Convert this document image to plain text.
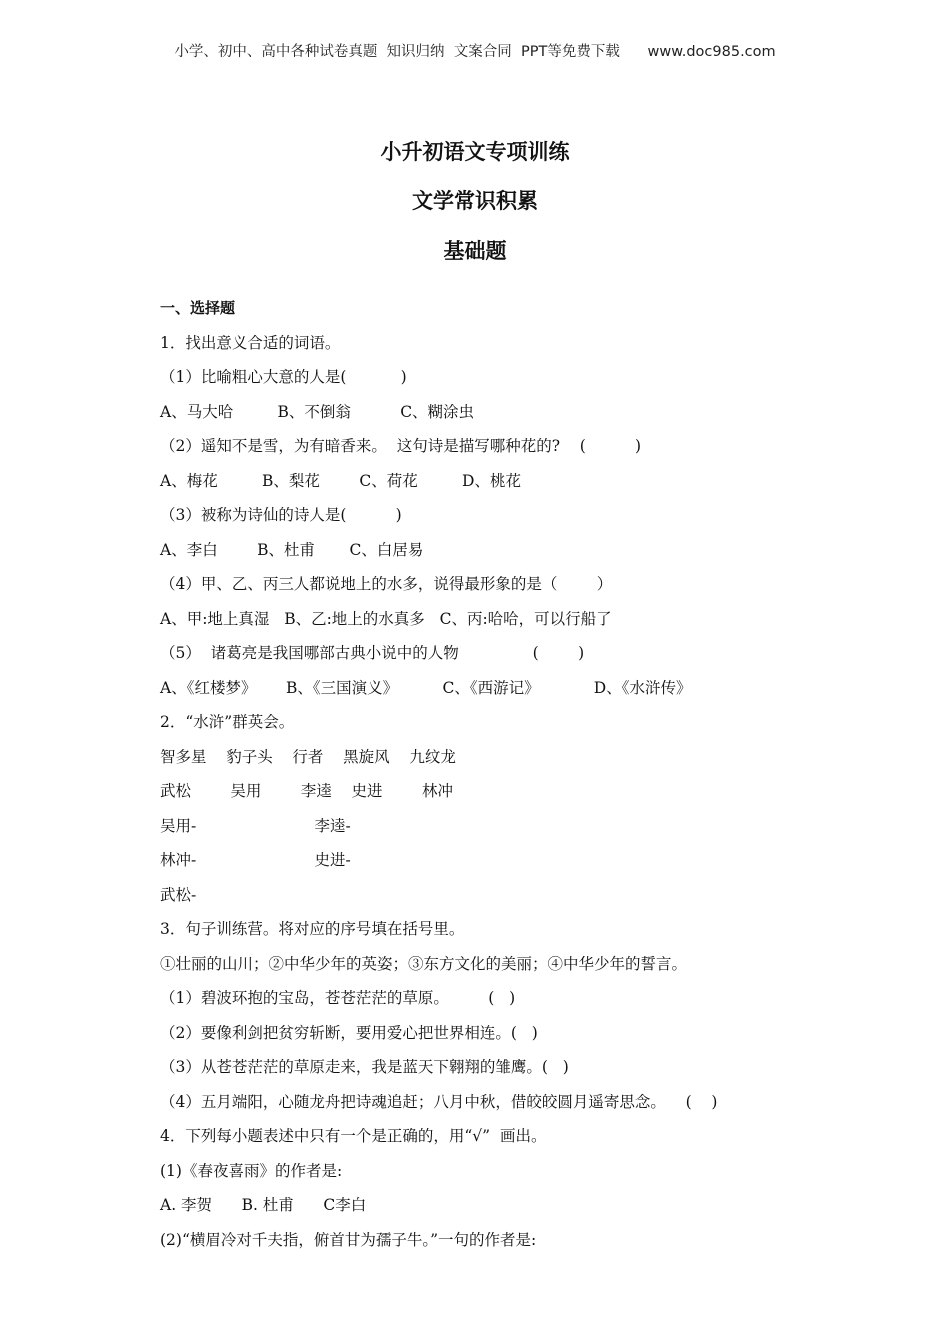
小学、初中、高中各种试卷真题  知识归纳  文案合同  PPT等免费下载      www.doc985.com
小升初语文专项训练
文学常识积累
基础题
一、选择题
1．找出意义合适的词语。
（1）比喻粗心大意的人是(           )
A、马大哈         B、不倒翁          C、糊涂虫
（2）遥知不是雪，为有暗香来。  这句诗是描写哪种花的?    (          )
A、梅花         B、梨花        C、荷花         D、桃花
（3）被称为诗仙的诗人是(          )
A、李白        B、杜甫       C、白居易
（4）甲、乙、丙三人都说地上的水多，说得最形象的是（        ）
A、甲:地上真湿   B、乙:地上的水真多   C、丙:哈哈，可以行船了
（5）  诸葛亮是我国哪部古典小说中的人物               (        )
A、《红楼梦》      B、《三国演义》         C、《西游记》           D、《水浒传》
2．“水浒”群英会。
智多星    豹子头    行者    黑旋风    九纹龙
武松        吴用        李逵    史进        林冲
吴用-                        李逵-
林冲-                        史进-
武松-
3．句子训练营。将对应的序号填在括号里。
①壮丽的山川；②中华少年的英姿；③东方文化的美丽；④中华少年的誓言。
（1）碧波环抱的宝岛，苍苍茫茫的草原。        (   )
（2）要像利剑把贫穷斩断，要用爱心把世界相连。(   )
（3）从苍苍茫茫的草原走来，我是蓝天下翱翔的雏鹰。(   )
（4）五月端阳，心随龙舟把诗魂追赶；八月中秋，借皎皎圆月遥寄思念。    (    )
4．下列每小题表述中只有一个是正确的，用“√”  画出。
(1)《春夜喜雨》的作者是:
A. 李贺      B. 杜甫      C李白
(2)“横眉冷对千夫指，俯首甘为孺子牛。”一句的作者是:
